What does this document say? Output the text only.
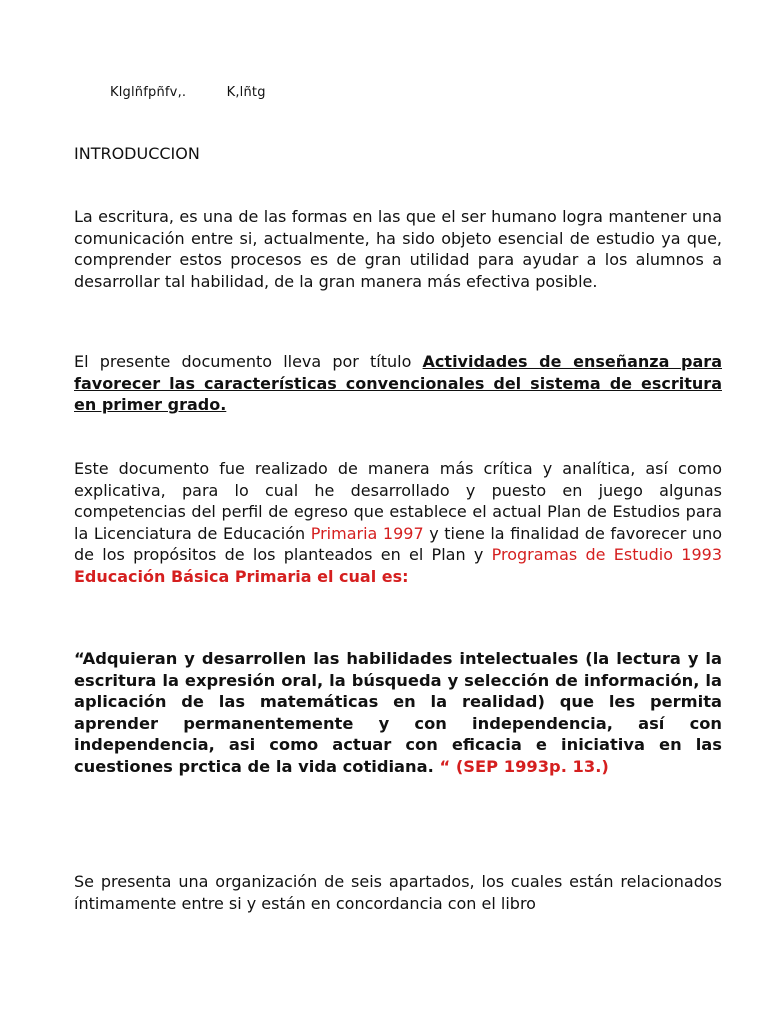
Klglñfpñfv,.	K,lñtg
INTRODUCCION
La escritura, es una de las formas en las que el ser humano logra mantener una comunicación entre si, actualmente, ha sido objeto esencial de estudio ya que, comprender estos procesos es de gran utilidad para ayudar a los alumnos a desarrollar tal habilidad, de la gran manera más efectiva posible.
El presente documento lleva por título Actividades de enseñanza para favorecer las características convencionales del sistema de escritura en primer grado.
Este documento fue realizado de manera más crítica y analítica, así como explicativa, para lo cual he desarrollado y puesto en juego algunas competencias del perfil de egreso que establece el actual Plan de Estudios para la Licenciatura de Educación Primaria 1997 y tiene la finalidad de favorecer uno de los propósitos de los planteados en el Plan y Programas de Estudio 1993 Educación Básica Primaria el cual es:
“Adquieran y desarrollen las habilidades intelectuales (la lectura y la escritura la expresión oral, la búsqueda y selección de información, la aplicación de las matemáticas en la realidad) que les permita aprender permanentemente y con independencia, así con independencia, asi como actuar con eficacia e iniciativa en las cuestiones prctica de la vida cotidiana. “ (SEP 1993p. 13.)
Se presenta una organización de seis apartados, los cuales están relacionados íntimamente entre si y están en concordancia con el libro
